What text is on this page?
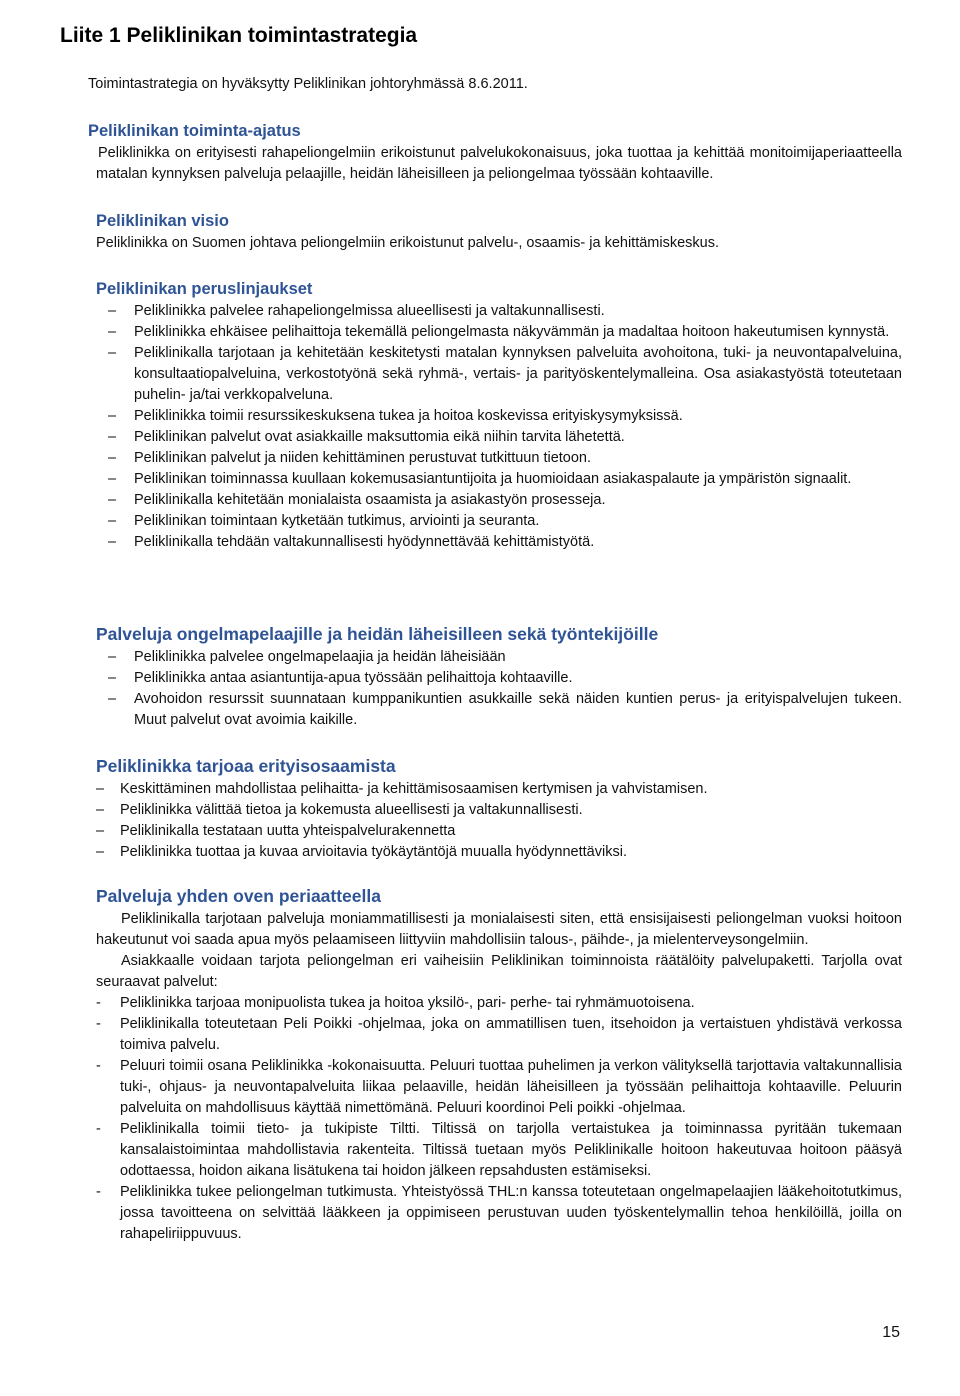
Liite 1 Peliklinikan toimintastrategia
Toimintastrategia on hyväksytty Peliklinikan johtoryhmässä 8.6.2011.
Peliklinikan toiminta-ajatus

Peliklinikka on erityisesti rahapeliongelmiin erikoistunut palvelukokonaisuus, joka tuottaa ja kehittää monitoimijaperiaatteella matalan kynnyksen palveluja pelaajille, heidän läheisilleen ja peliongelmaa työssään kohtaaville.

Peliklinikan visio

Peliklinikka on Suomen johtava peliongelmiin erikoistunut palvelu-, osaamis- ja kehittämiskeskus.

Peliklinikan peruslinjaukset
‒ Peliklinikka palvelee rahapeliongelmissa alueellisesti ja valtakunnallisesti.
‒ Peliklinikka ehkäisee pelihaittoja tekemällä peliongelmasta näkyvämmän ja madaltaa hoitoon hakeutumisen kynnystä.
‒ Peliklinikalla tarjotaan ja kehitetään keskitetysti matalan kynnyksen palveluita avohoitona, tuki- ja neuvontapalveluina, konsultaatiopalveluina, verkostotyönä sekä ryhmä-, vertais- ja parityöskentelymalleina. Osa asiakastyöstä toteutetaan puhelin- ja/tai verkkopalveluna.
‒ Peliklinikka toimii resurssikeskuksena tukea ja hoitoa koskevissa erityiskysymyksissä.
‒ Peliklinikan palvelut ovat asiakkaille maksuttomia eikä niihin tarvita lähetettä.
‒ Peliklinikan palvelut ja niiden kehittäminen perustuvat tutkittuun tietoon.
‒ Peliklinikan toiminnassa kuullaan kokemusasiantuntijoita ja huomioidaan asiakaspalaute ja ympäristön signaalit.
‒ Peliklinikalla kehitetään monialaista osaamista ja asiakastyön prosesseja.
‒ Peliklinikan toimintaan kytketään tutkimus, arviointi ja seuranta.
‒ Peliklinikalla tehdään valtakunnallisesti hyödynnettävää kehittämistyötä.
Palveluja ongelmapelaajille ja heidän läheisilleen sekä työntekijöille
‒ Peliklinikka palvelee ongelmapelaajia ja heidän läheisiään
‒ Peliklinikka antaa asiantuntija-apua työssään pelihaittoja kohtaaville.
‒ Avohoidon resurssit suunnataan kumppanikuntien asukkaille sekä näiden kuntien perus- ja erityispalvelujen tukeen. Muut palvelut ovat avoimia kaikille.
Peliklinikka tarjoaa erityisosaamista
‒ Keskittäminen mahdollistaa pelihaitta- ja kehittämisosaamisen kertymisen ja vahvistamisen.
‒ Peliklinikka välittää tietoa ja kokemusta alueellisesti ja valtakunnallisesti.
‒ Peliklinikalla testataan uutta yhteispalvelurakennetta
‒ Peliklinikka tuottaa ja kuvaa arvioitavia työkäytäntöjä muualla hyödynnettäviksi.
Palveluja yhden oven periaatteella

Peliklinikalla tarjotaan palveluja moniammatillisesti ja monialaisesti siten, että ensisijaisesti peliongelman vuoksi hoitoon hakeutunut voi saada apua myös pelaamiseen liittyviin mahdollisiin talous-, päihde-, ja mielenterveysongelmiin.

Asiakkaalle voidaan tarjota peliongelman eri vaiheisiin Peliklinikan toiminnoista räätälöity palvelupaketti. Tarjolla ovat seuraavat palvelut:

- Peliklinikka tarjoaa monipuolista tukea ja hoitoa yksilö-, pari- perhe- tai ryhmämuotoisena.
- Peliklinikalla toteutetaan Peli Poikki -ohjelmaa, joka on ammatillisen tuen, itsehoidon ja vertaistuen yhdistävä verkossa toimiva palvelu.
- Peluuri toimii osana Peliklinikka -kokonaisuutta. Peluuri tuottaa puhelimen ja verkon välityksellä tarjottavia valtakunnallisia tuki-, ohjaus- ja neuvontapalveluita liikaa pelaaville, heidän läheisilleen ja työssään pelihaittoja kohtaaville. Peluurin palveluita on mahdollisuus käyttää nimettömänä. Peluuri koordinoi Peli poikki -ohjelmaa.
- Peliklinikalla toimii tieto- ja tukipiste Tiltti. Tiltissä on tarjolla vertaistukea ja toiminnassa pyritään tukemaan kansalaistoimintaa mahdollistavia rakenteita. Tiltissä tuetaan myös Peliklinikalle hoitoon hakeutuvaa hoitoon pääsyä odottaessa, hoidon aikana lisätukena tai hoidon jälkeen repsahdusten estämiseksi.
- Peliklinikka tukee peliongelman tutkimusta. Yhteistyössä THL:n kanssa toteutetaan ongelmapelaajien lääkehoitotutkimus, jossa tavoitteena on selvittää lääkkeen ja oppimiseen perustuvan uuden työskentelymallin tehoa henkilöillä, joilla on rahapeliriippuvuus.
15
